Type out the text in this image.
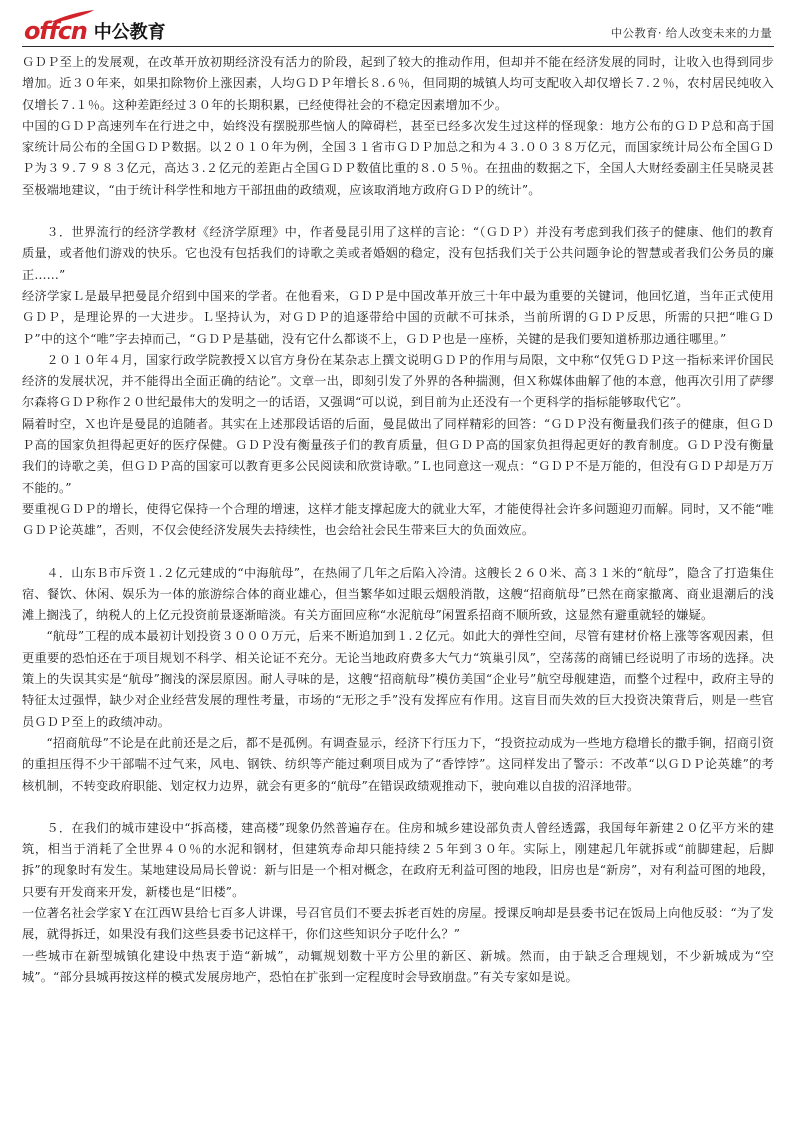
offcn 中公教育	中公教育· 给人改变未来的力量

ＧＤＰ至上的发展观，在改革开放初期经济没有活力的阶段，起到了较大的推动作用，但却并不能在经济发展的同时，让收入也得到同步增加。近３０年来，如果扣除物价上涨因素，人均ＧＤＰ年增长８.６％，但同期的城镇人均可支配收入却仅增长７.２％，农村居民纯收入仅增长７.１％。这种差距经过３０年的长期积累，已经使得社会的不稳定因素增加不少。

中国的ＧＤＰ高速列车在行进之中，始终没有摆脱那些恼人的障碍栏，甚至已经多次发生过这样的怪现象：地方公布的ＧＤＰ总和高于国家统计局公布的全国ＧＤＰ数据。以２０１０年为例，全国３１省市ＧＤＰ加总之和为４３.００３８万亿元，而国家统计局公布全国ＧＤＰ为３９.７９８３亿元，高达３.２亿元的差距占全国ＧＤＰ数值比重的８.０５％。在扭曲的数据之下，全国人大财经委副主任吴晓灵甚至极端地建议，“由于统计科学性和地方干部扭曲的政绩观，应该取消地方政府ＧＤＰ的统计”。

３．世界流行的经济学教材《经济学原理》中，作者曼昆引用了这样的言论：“（ＧＤＰ）并没有考虑到我们孩子的健康、他们的教育质量，或者他们游戏的快乐。它也没有包括我们的诗歌之美或者婚姻的稳定，没有包括我们关于公共问题争论的智慧或者我们公务员的廉正……”

经济学家Ｌ是最早把曼昆介绍到中国来的学者。在他看来，ＧＤＰ是中国改革开放三十年中最为重要的关键词，他回忆道，当年正式使用ＧＤＰ，是理论界的一大进步。Ｌ坚持认为，对ＧＤＰ的追逐带给中国的贡献不可抹杀，当前所谓的ＧＤＰ反思，所需的只把“唯ＧＤＰ”中的这个“唯”字去掉而己，“ＧＤＰ是基础，没有它什么都谈不上，ＧＤＰ也是一座桥，关键的是我们要知道桥那边通往哪里。”

２０１０年４月，国家行政学院教授Ｘ以官方身份在某杂志上撰文说明ＧＤＰ的作用与局限，文中称“仅凭ＧＤＰ这一指标来评价国民经济的发展状况，并不能得出全面正确的结论”。文章一出，即刻引发了外界的各种揣测，但Ｘ称媒体曲解了他的本意，他再次引用了萨缪尔森将ＧＤＰ称作２０世纪最伟大的发明之一的话语，又强调“可以说，到目前为止还没有一个更科学的指标能够取代它”。

隔着时空，Ｘ也许是曼昆的追随者。其实在上述那段话语的后面，曼昆做出了同样精彩的回答：“ＧＤＰ没有衡量我们孩子的健康，但ＧＤＰ高的国家负担得起更好的医疗保健。ＧＤＰ没有衡量孩子们的教育质量，但ＧＤＰ高的国家负担得起更好的教育制度。ＧＤＰ没有衡量我们的诗歌之美，但ＧＤＰ高的国家可以教育更多公民阅读和欣赏诗歌。”Ｌ也同意这一观点：“ＧＤＰ不是万能的，但没有ＧＤＰ却是万万不能的。”

要重视ＧＤＰ的增长，使得它保持一个合理的增速，这样才能支撑起庞大的就业大军，才能使得社会许多问题迎刃而解。同时，又不能“唯 ＧＤＰ论英雄”，否则，不仅会使经济发展失去持续性，也会给社会民生带来巨大的负面效应。

４．山东Ｂ市斥资１.２亿元建成的“中海航母”，在热闹了几年之后陷入冷清。这艘长２６０米、高３１米的“航母”，隐含了打造集住宿、餐饮、休闲、娱乐为一体的旅游综合体的商业雄心，但当繁华如过眼云烟般消散，这艘“招商航母”已然在商家撤离、商业退潮后的浅滩上搁浅了，纳税人的上亿元投资前景逐渐暗淡。有关方面回应称“水泥航母”闲置系招商不顺所致，这显然有避重就轻的嫌疑。

“航母”工程的成本最初计划投资３０００万元，后来不断追加到１.２亿元。如此大的弹性空间，尽管有建材价格上涨等客观因素，但更重要的恐怕还在于项目规划不科学、相关论证不充分。无论当地政府费多大气力“筑巢引凤”，空荡荡的商铺已经说明了市场的选择。决策上的失误其实是“航母”搁浅的深层原因。耐人寻味的是，这艘“招商航母”模仿美国“企业号”航空母舰建造，而整个过程中，政府主导的特征太过强悍，缺少对企业经营发展的理性考量，市场的“无形之手”没有发挥应有作用。这盲目而失效的巨大投资决策背后，则是一些官员ＧＤＰ至上的政绩冲动。

“招商航母”不论是在此前还是之后，都不是孤例。有调查显示，经济下行压力下，“投资拉动成为一些地方稳增长的撒手锏，招商引资的重担压得不少干部喘不过气来，风电、钢铁、纺织等产能过剩项目成为了“香饽饽”。这同样发出了警示：不改革“以ＧＤＰ论英雄”的考核机制，不转变政府职能、划定权力边界，就会有更多的“航母”在错误政绩观推动下，驶向难以自拔的沼泽地带。

５．在我们的城市建设中“拆高楼，建高楼”现象仍然普遍存在。住房和城乡建设部负责人曾经透露，我国每年新建２０亿平方米的建筑，相当于消耗了全世界４０％的水泥和钢材，但建筑寿命却只能持续２５年到３０年。实际上，刚建起几年就拆或“前脚建起，后脚拆”的现象时有发生。某地建设局局长曾说：新与旧是一个相对概念，在政府无利益可图的地段，旧房也是“新房”，对有利益可图的地段，只要有开发商来开发，新楼也是“旧楼”。

一位著名社会学家Ｙ在江西Ｗ县给七百多人讲课，号召官员们不要去拆老百姓的房屋。授课反响却是县委书记在饭局上向他反驳：“为了发展，就得拆迁，如果没有我们这些县委书记这样干，你们这些知识分子吃什么？”

一些城市在新型城镇化建设中热衷于造“新城”，动辄规划数十平方公里的新区、新城。然而，由于缺乏合理规划，不少新城成为“空城”。“部分县城再按这样的模式发展房地产，恐怕在扩张到一定程度时会导致崩盘。”有关专家如是说。
